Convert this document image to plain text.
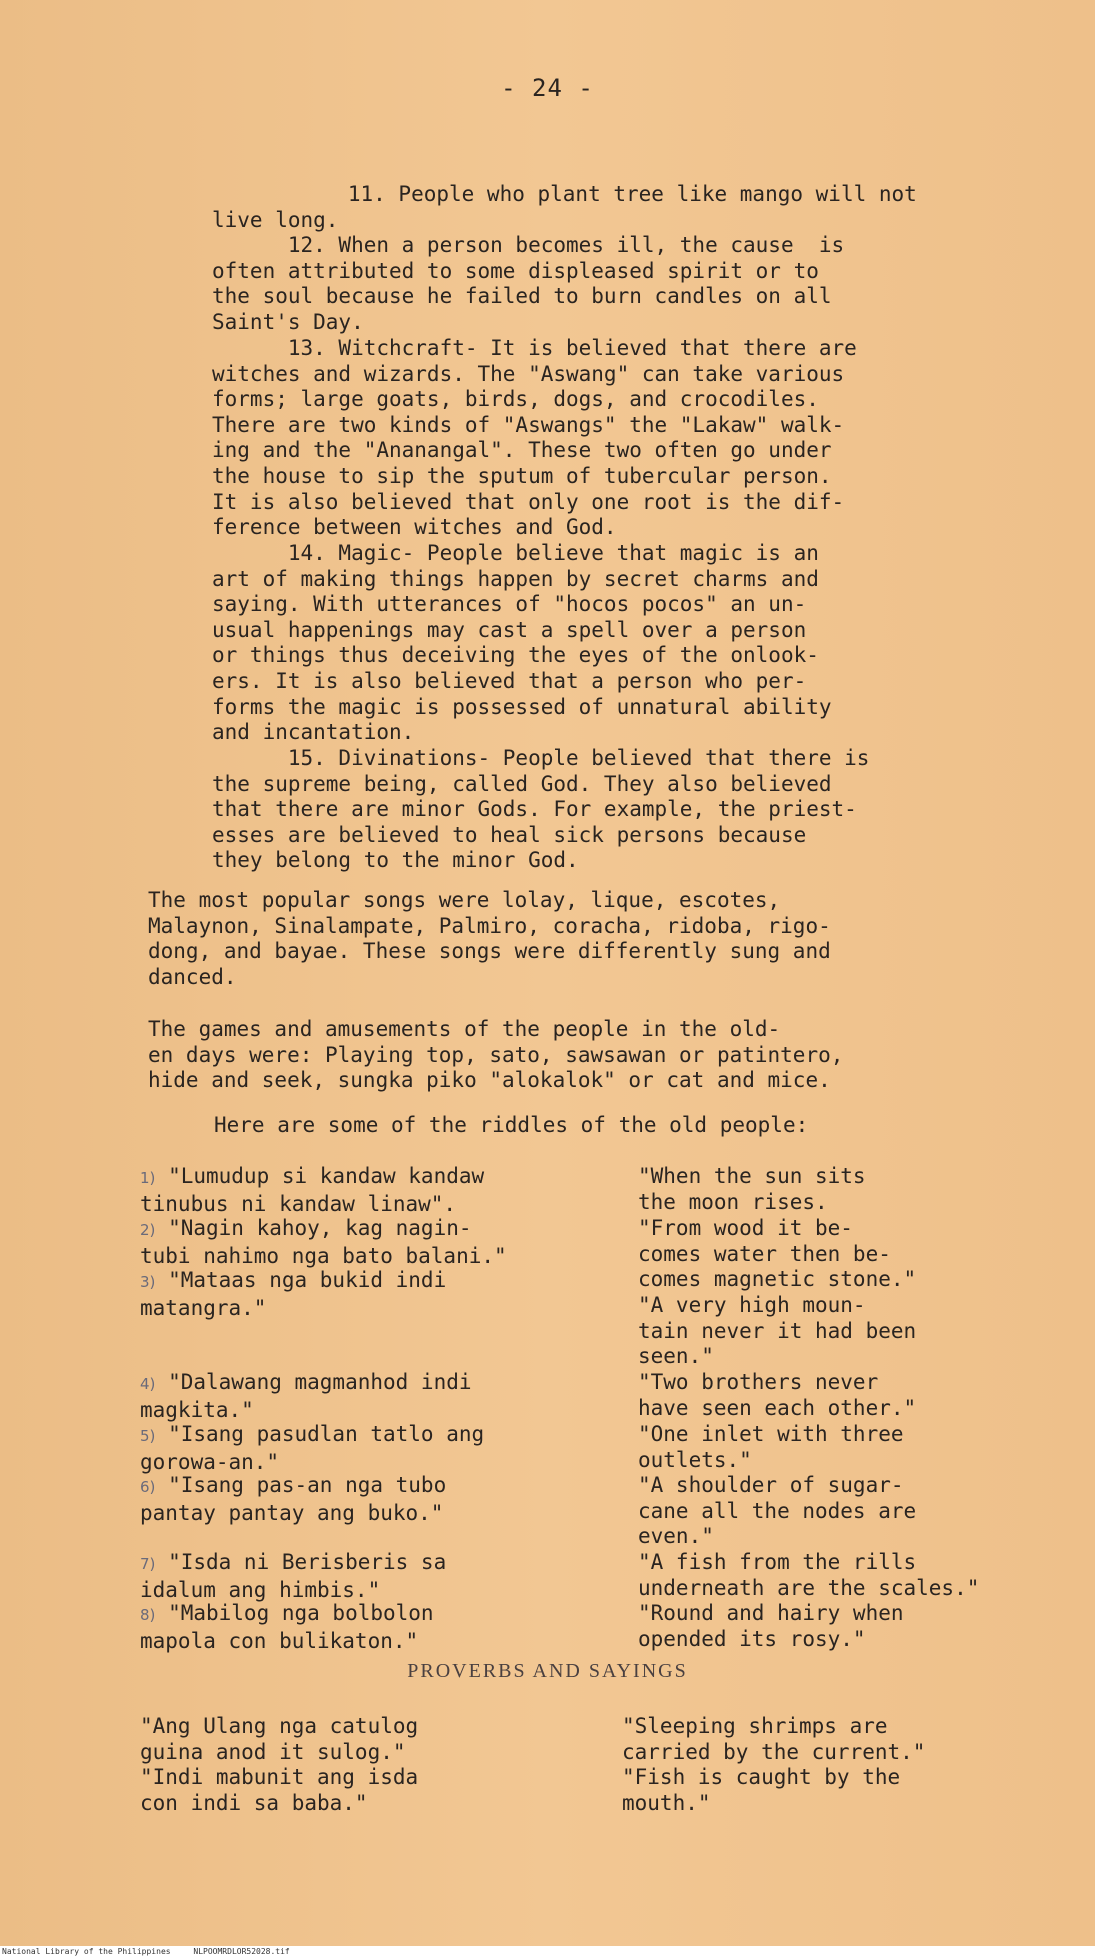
- 24 -
11. People who plant tree like mango will not
live long.
12. When a person becomes ill, the cause  is
often attributed to some displeased spirit or to
the soul because he failed to burn candles on all
Saint's Day.
13. Witchcraft- It is believed that there are
witches and wizards. The "Aswang" can take various
forms; large goats, birds, dogs, and crocodiles.
There are two kinds of "Aswangs" the "Lakaw" walk-
ing and the "Ananangal". These two often go under
the house to sip the sputum of tubercular person.
It is also believed that only one root is the dif-
ference between witches and God.
14. Magic- People believe that magic is an
art of making things happen by secret charms and
saying. With utterances of "hocos pocos" an un-
usual happenings may cast a spell over a person
or things thus deceiving the eyes of the onlook-
ers. It is also believed that a person who per-
forms the magic is possessed of unnatural ability
and incantation.
15. Divinations- People believed that there is
the supreme being, called God. They also believed
that there are minor Gods. For example, the priest-
esses are believed to heal sick persons because
they belong to the minor God.
The most popular songs were lolay, lique, escotes,
Malaynon, Sinalampate, Palmiro, coracha, ridoba, rigo-
dong, and bayae. These songs were differently sung and
danced.
The games and amusements of the people in the old-
en days were: Playing top, sato, sawsawan or patintero,
hide and seek, sungka piko "alokalok" or cat and mice.
Here are some of the riddles of the old people:
1) "Lumudup si kandaw kandaw
tinubus ni kandaw linaw".
2) "Nagin kahoy, kag nagin-
tubi nahimo nga bato balani."
3) "Mataas nga bukid indi
matangra."
4) "Dalawang magmanhod indi
magkita."
5) "Isang pasudlan tatlo ang
gorowa-an."
6) "Isang pas-an nga tubo
pantay pantay ang buko."
7) "Isda ni Berisberis sa
idalum ang himbis."
8) "Mabilog nga bolbolon
mapola con bulikaton."
"When the sun sits
the moon rises.
"From wood it be-
comes water then be-
comes magnetic stone."
"A very high moun-
tain never it had been
seen."
"Two brothers never
have seen each other."
"One inlet with three
outlets."
"A shoulder of sugar-
cane all the nodes are
even."
"A fish from the rills
underneath are the scales."
"Round and hairy when
opended its rosy."
PROVERBS AND SAYINGS
"Ang Ulang nga catulog
guina anod it sulog."
"Indi mabunit ang isda
con indi sa baba."
"Sleeping shrimps are
carried by the current."
"Fish is caught by the
mouth."
National Library of the Philippines	NLPOOMRDLOR52028.tif
